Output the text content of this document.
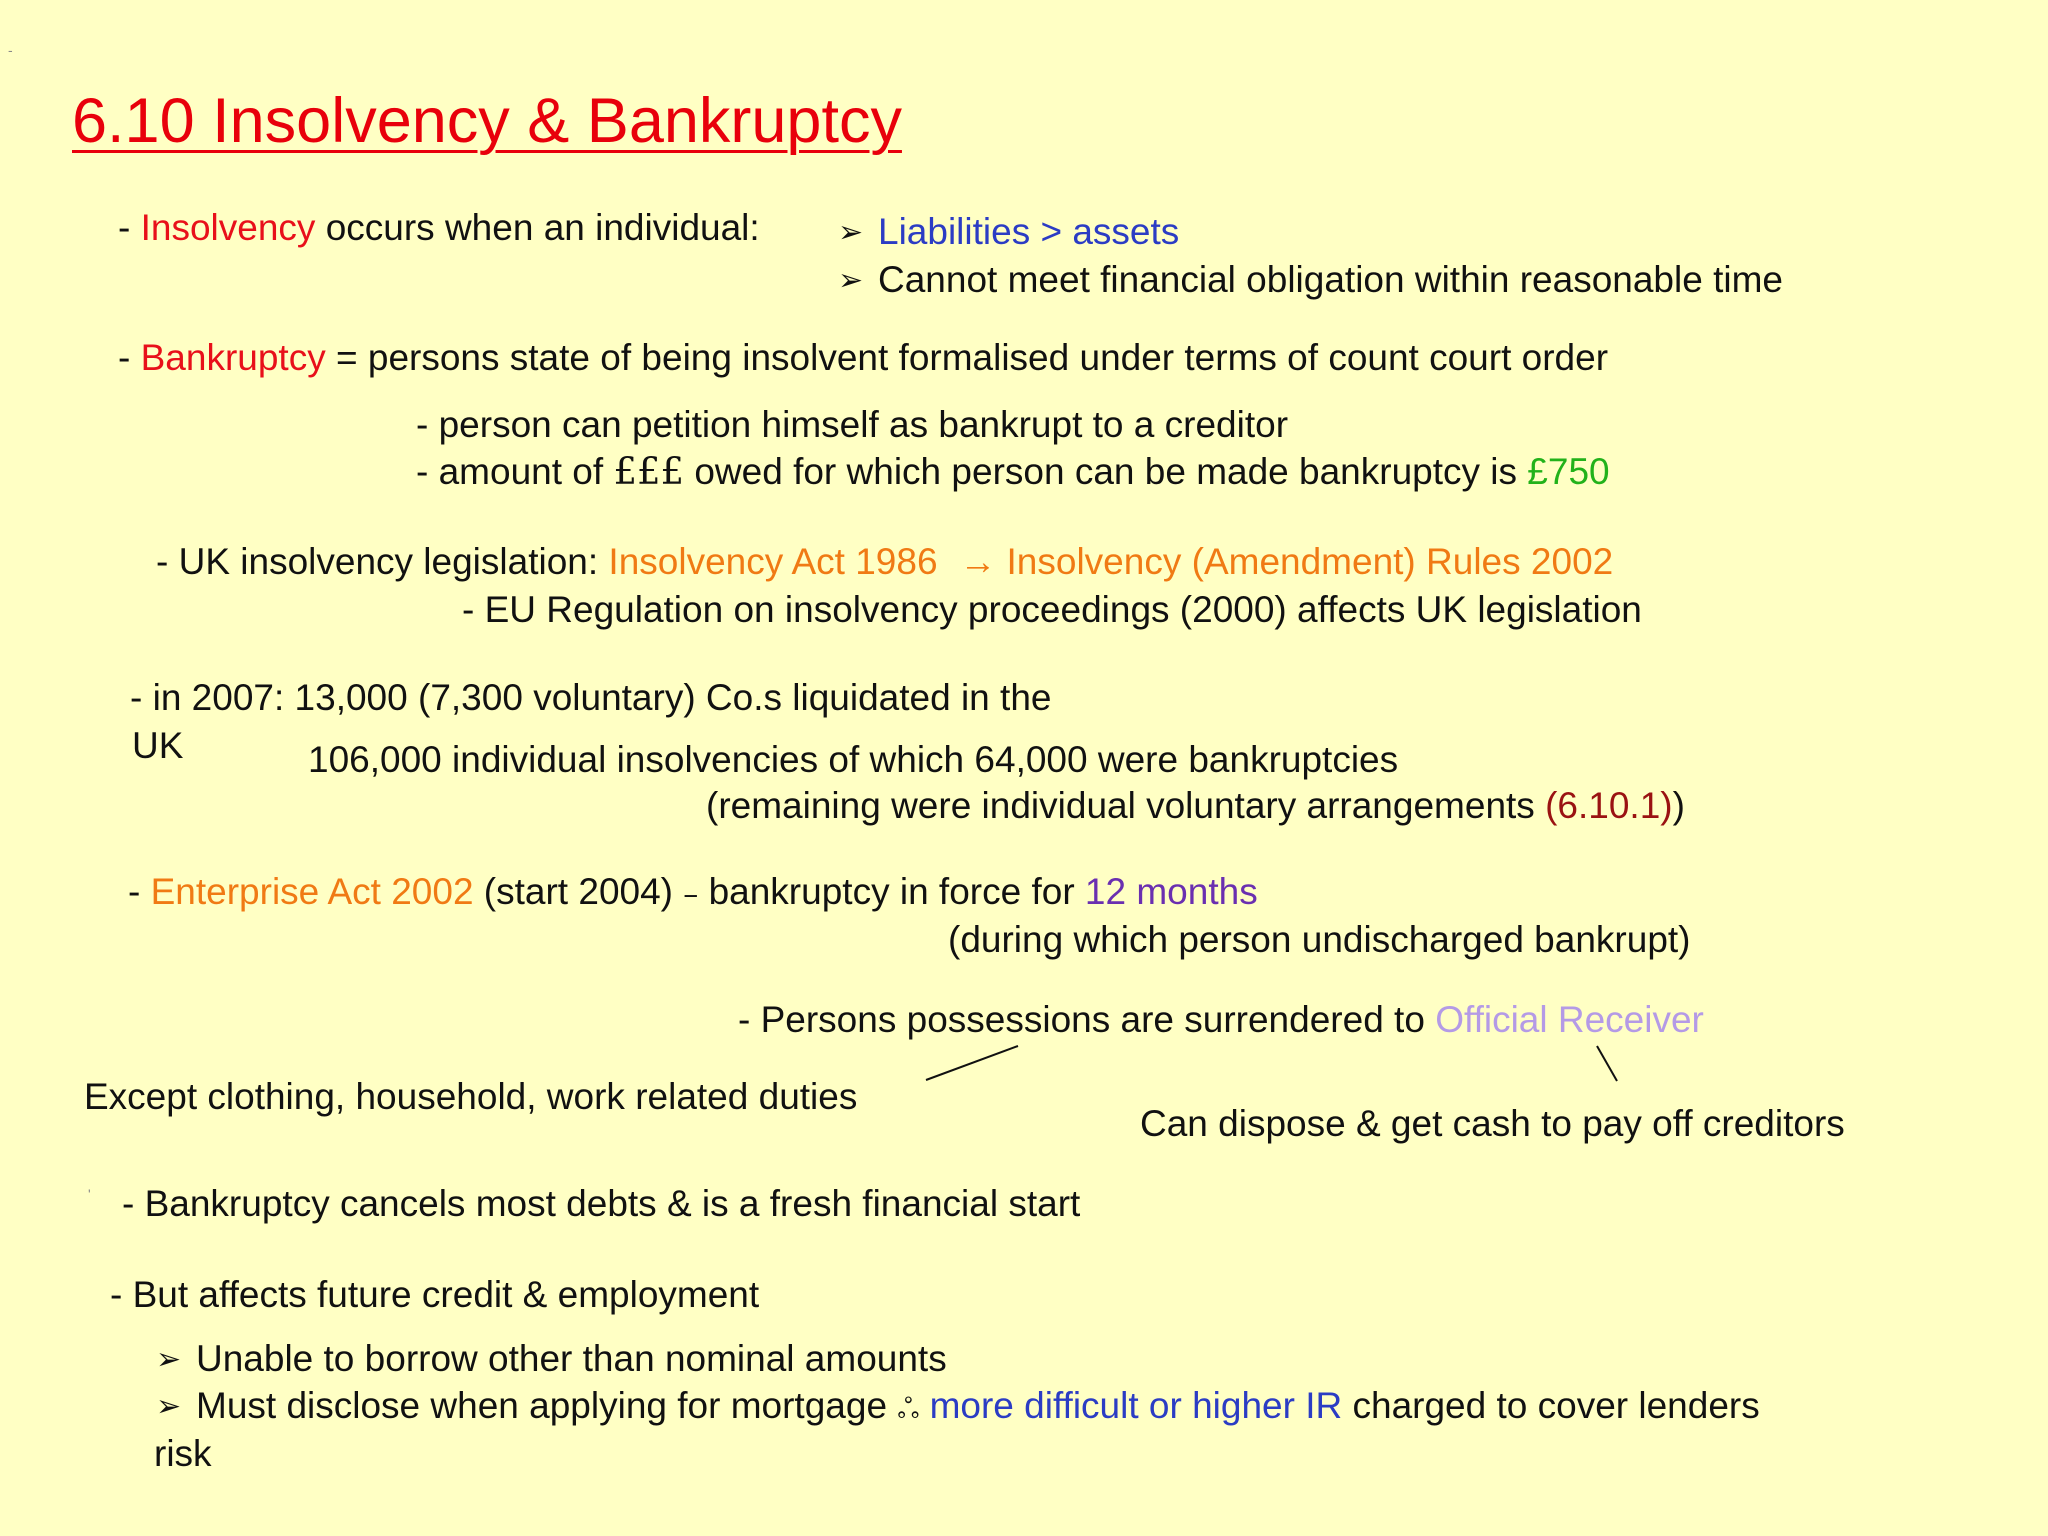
-
6.10 Insolvency & Bankruptcy
- Insolvency occurs when an individual:	➢ Liabilities > assets
➢ Cannot meet financial obligation within reasonable time
- Bankruptcy = persons state of being insolvent formalised under terms of count court order
- person can petition himself as bankrupt to a creditor
- amount of £££ owed for which person can be made bankruptcy is £750
- UK insolvency legislation: Insolvency Act 1986 → Insolvency (Amendment) Rules 2002
- EU Regulation on insolvency proceedings (2000) affects UK legislation
- in 2007: 13,000 (7,300 voluntary) Co.s liquidated in the
UK	106,000 individual insolvencies of which 64,000 were bankruptcies
(remaining were individual voluntary arrangements (6.10.1))
- Enterprise Act 2002 (start 2004) – bankruptcy in force for 12 months
(during which person undischarged bankrupt)
- Persons possessions are surrendered to Official Receiver
Except clothing, household, work related duties
Can dispose & get cash to pay off creditors
' - Bankruptcy cancels most debts & is a fresh financial start
- But affects future credit & employment
➢ Unable to borrow other than nominal amounts
➢ Must disclose when applying for mortgage ஃ more difficult or higher IR charged to cover lenders
risk
